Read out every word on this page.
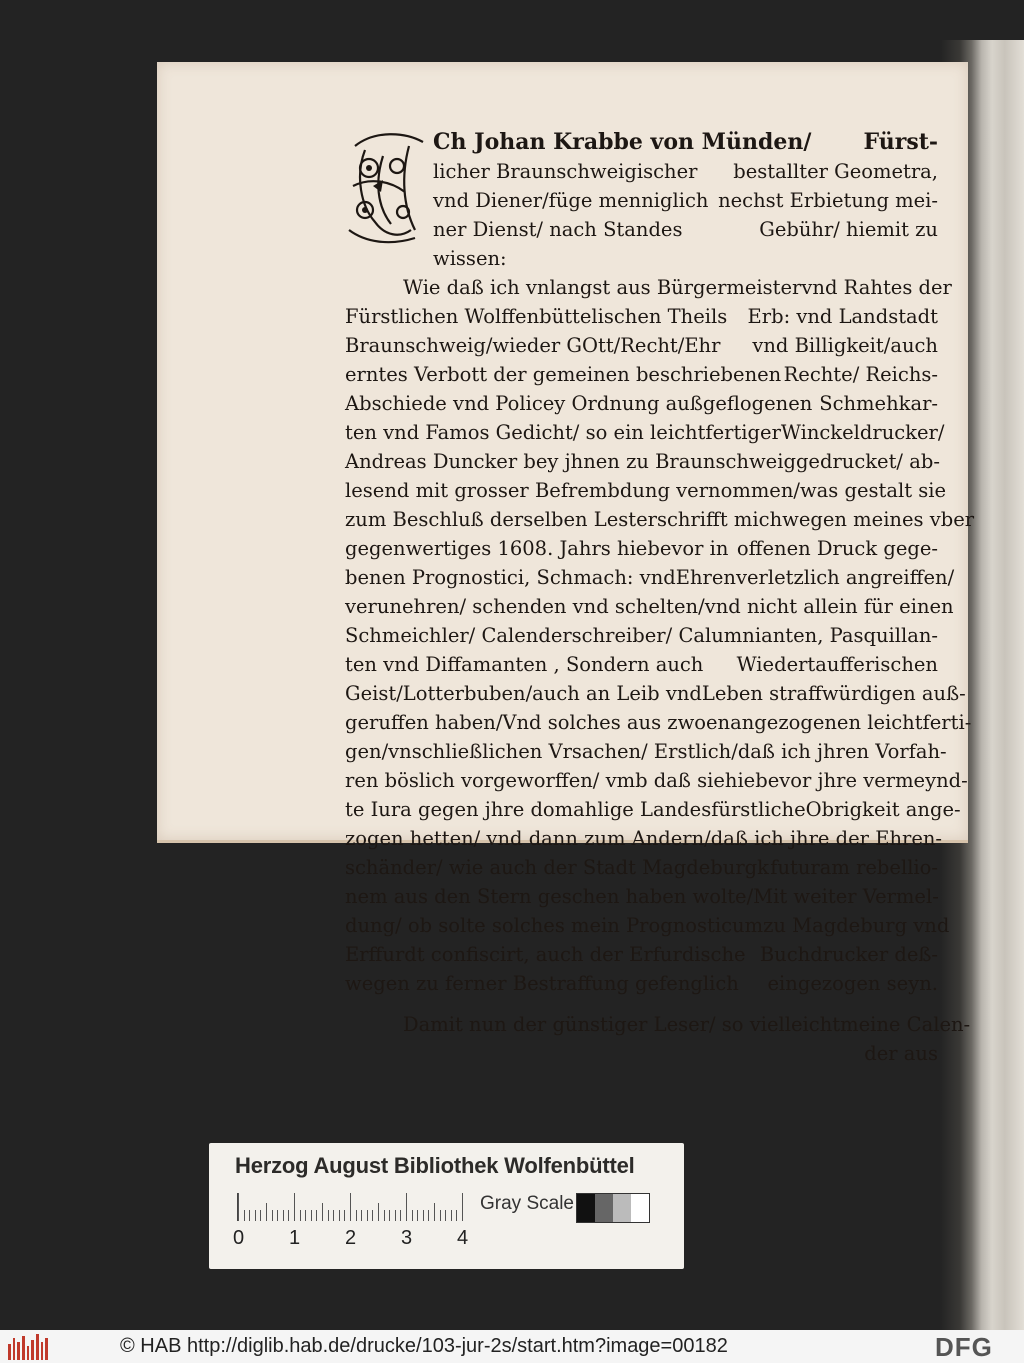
Ch Johan Krabbe von Münden/ Fürst-
licher Braunschweigischer bestallter Geometra,
vnd Diener/füge menniglich nechst Erbietung mei-
ner Dienst/ nach Standes	Gebühr/ hiemit zu
wissen:
Wie daß ich vnlangst aus Bürgermeister vnd Rahtes der
Fürstlichen Wolffenbüttelischen Theils Erb: vnd Landstadt
Braunschweig/wieder GOtt/Recht/Ehr vnd Billigkeit/auch
erntes Verbott der gemeinen beschriebenen Rechte/ Reichs-
Abschiede vnd Policey Ordnung außgeflogenen Schmehkar-
ten vnd Famos Gedicht/ so ein leichtfertiger Winckeldrucker/
Andreas Duncker bey jhnen zu Braunschweig gedrucket/ ab-
lesend mit grosser Befrembdung vernommen/ was gestalt sie
zum Beschluß derselben Lesterschrifft mich wegen meines vber
gegenwertiges 1608. Jahrs hiebevor in offenen Druck gege-
benen Prognostici, Schmach: vnd Ehrenverletzlich angreiffen/
verunehren/ schenden vnd schelten/ vnd nicht allein für einen
Schmeichler/ Calenderschreiber/ Calumnianten, Pasquillan-
ten vnd Diffamanten , Sondern auch Wiedertaufferischen
Geist/Lotterbuben/auch an Leib vnd Leben straffwürdigen auß-
geruffen haben/Vnd solches aus zwoen angezogenen leichtferti-
gen/vnschließlichen Vrsachen/ Erstlich/ daß ich jhren Vorfah-
ren böslich vorgeworffen/ vmb daß sie hiebevor jhre vermeynd-
te Iura gegen jhre domahlige Landesfürstliche Obrigkeit ange-
zogen hetten/ vnd dann zum Andern/ daß ich jhre der Ehren-
schänder/ wie auch der Stadt Magdeburgk futuram rebellio-
nem aus den Stern geschen haben wolte/ Mit weiter Vermel-
dung/ ob solte solches mein Prognosticum zu Magdeburg vnd
Erffurdt confiscirt, auch der Erfurdische Buchdrucker deß-
wegen zu ferner Bestraffung gefenglich eingezogen seyn.
Damit nun der günstiger Leser/ so vielleicht meine Calen-
der aus
Herzog August Bibliothek Wolfenbüttel
0 1 2 3 4
Gray Scale
© HAB http://diglib.hab.de/drucke/103-jur-2s/start.htm?image=00182	DFG
